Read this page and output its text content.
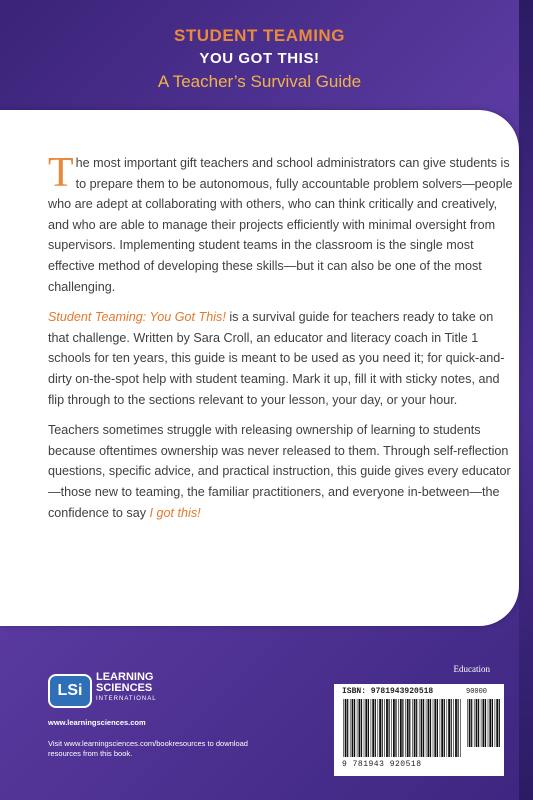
STUDENT TEAMING
YOU GOT THIS!
A Teacher’s Survival Guide

The most important gift teachers and school administrators can give students is to prepare them to be autonomous, fully accountable problem solvers—people who are adept at collaborating with others, who can think critically and creatively, and who are able to manage their projects efficiently with minimal oversight from supervisors. Implementing student teams in the classroom is the single most effective method of developing these skills—but it can also be one of the most challenging.

Student Teaming: You Got This! is a survival guide for teachers ready to take on that challenge. Written by Sara Croll, an educator and literacy coach in Title 1 schools for ten years, this guide is meant to be used as you need it; for quick-and-dirty on-the-spot help with student teaming. Mark it up, fill it with sticky notes, and flip through to the sections relevant to your lesson, your day, or your hour.

Teachers sometimes struggle with releasing ownership of learning to students because oftentimes ownership was never released to them. Through self-reflection questions, specific advice, and practical instruction, this guide gives every educator—those new to teaming, the familiar practitioners, and everyone in-between—the confidence to say I got this!

LSi
LEARNING
SCIENCES
INTERNATIONAL
www.learningsciences.com
Visit www.learningsciences.com/bookresources to download resources from this book.
Education
ISBN: 9781943920518	90000
9 781943 920518
